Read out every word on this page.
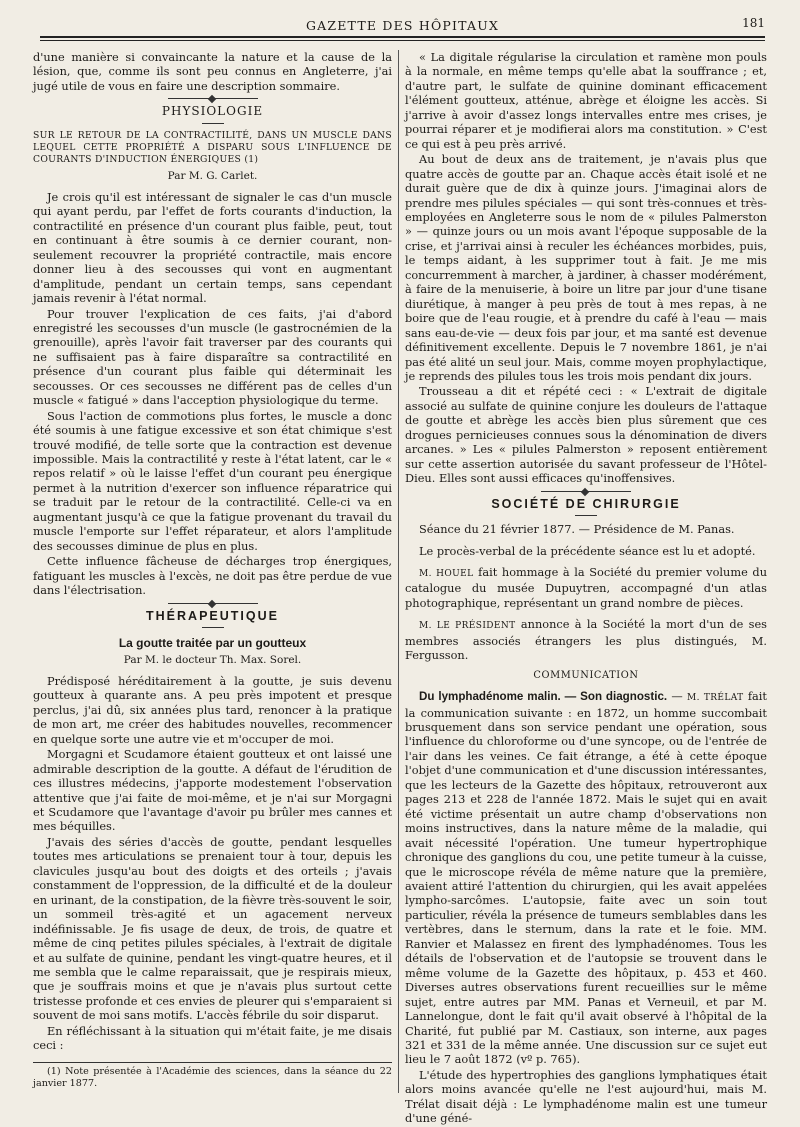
GAZETTE DES HÔPITAUX	181

d'une manière si convaincante la nature et la cause de la lésion, que, comme ils sont peu connus en Angleterre, j'ai jugé utile de vous en faire une description sommaire.

PHYSIOLOGIE

SUR LE RETOUR DE LA CONTRACTILITÉ, DANS UN MUSCLE DANS LEQUEL CETTE PROPRIÉTÉ A DISPARU SOUS L'INFLUENCE DE COURANTS D'INDUCTION ÉNERGIQUES (1)

Par M. G. Carlet.

Je crois qu'il est intéressant de signaler le cas d'un muscle qui ayant perdu, par l'effet de forts courants d'induction, la contractilité en présence d'un courant plus faible, peut, tout en continuant à être soumis à ce dernier courant, non-seulement recouvrer la propriété contractile, mais encore donner lieu à des secousses qui vont en augmentant d'amplitude, pendant un certain temps, sans cependant jamais revenir à l'état normal.

Pour trouver l'explication de ces faits, j'ai d'abord enregistré les secousses d'un muscle (le gastrocnémien de la grenouille), après l'avoir fait traverser par des courants qui ne suffisaient pas à faire disparaître sa contractilité en présence d'un courant plus faible qui déterminait les secousses. Or ces secousses ne différent pas de celles d'un muscle « fatigué » dans l'acception physiologique du terme.

Sous l'action de commotions plus fortes, le muscle a donc été soumis à une fatigue excessive et son état chimique s'est trouvé modifié, de telle sorte que la contraction est devenue impossible. Mais la contractilité y reste à l'état latent, car le « repos relatif » où le laisse l'effet d'un courant peu énergique permet à la nutrition d'exercer son influence réparatrice qui se traduit par le retour de la contractilité. Celle-ci va en augmentant jusqu'à ce que la fatigue provenant du travail du muscle l'emporte sur l'effet réparateur, et alors l'amplitude des secousses diminue de plus en plus.

Cette influence fâcheuse de décharges trop énergiques, fatiguant les muscles à l'excès, ne doit pas être perdue de vue dans l'électrisation.

THÉRAPEUTIQUE

La goutte traitée par un goutteux

Par M. le docteur Th. Max. Sorel.

Prédisposé héréditairement à la goutte, je suis devenu goutteux à quarante ans. A peu près impotent et presque perclus, j'ai dû, six années plus tard, renoncer à la pratique de mon art, me créer des habitudes nouvelles, recommencer en quelque sorte une autre vie et m'occuper de moi.

Morgagni et Scudamore étaient goutteux et ont laissé une admirable description de la goutte. A défaut de l'érudition de ces illustres médecins, j'apporte modestement l'observation attentive que j'ai faite de moi-même, et je n'ai sur Morgagni et Scudamore que l'avantage d'avoir pu brûler mes cannes et mes béquilles.

J'avais des séries d'accès de goutte, pendant lesquelles toutes mes articulations se prenaient tour à tour, depuis les clavicules jusqu'au bout des doigts et des orteils ; j'avais constamment de l'oppression, de la difficulté et de la douleur en urinant, de la constipation, de la fièvre très-souvent le soir, un sommeil très-agité et un agacement nerveux indéfinissable. Je fis usage de deux, de trois, de quatre et même de cinq petites pilules spéciales, à l'extrait de digitale et au sulfate de quinine, pendant les vingt-quatre heures, et il me sembla que le calme reparaissait, que je respirais mieux, que je souffrais moins et que je n'avais plus surtout cette tristesse profonde et ces envies de pleurer qui s'emparaient si souvent de moi sans motifs. L'accès fébrile du soir disparut.

En réfléchissant à la situation qui m'était faite, je me disais ceci :

(1) Note présentée à l'Académie des sciences, dans la séance du 22 janvier 1877.

« La digitale régularise la circulation et ramène mon pouls à la normale, en même temps qu'elle abat la souffrance ; et, d'autre part, le sulfate de quinine dominant efficacement l'élément goutteux, atténue, abrège et éloigne les accès. Si j'arrive à avoir d'assez longs intervalles entre mes crises, je pourrai réparer et je modifierai alors ma constitution. » C'est ce qui est à peu près arrivé.

Au bout de deux ans de traitement, je n'avais plus que quatre accès de goutte par an. Chaque accès était isolé et ne durait guère que de dix à quinze jours. J'imaginai alors de prendre mes pilules spéciales — qui sont très-connues et très-employées en Angleterre sous le nom de « pilules Palmerston » — quinze jours ou un mois avant l'époque supposable de la crise, et j'arrivai ainsi à reculer les échéances morbides, puis, le temps aidant, à les supprimer tout à fait. Je me mis concurremment à marcher, à jardiner, à chasser modérément, à faire de la menuiserie, à boire un litre par jour d'une tisane diurétique, à manger à peu près de tout à mes repas, à ne boire que de l'eau rougie, et à prendre du café à l'eau — mais sans eau-de-vie — deux fois par jour, et ma santé est devenue définitivement excellente. Depuis le 7 novembre 1861, je n'ai pas été alité un seul jour. Mais, comme moyen prophylactique, je reprends des pilules tous les trois mois pendant dix jours.

Trousseau a dit et répété ceci : « L'extrait de digitale associé au sulfate de quinine conjure les douleurs de l'attaque de goutte et abrège les accès bien plus sûrement que ces drogues pernicieuses connues sous la dénomination de divers arcanes. » Les « pilules Palmerston » reposent entièrement sur cette assertion autorisée du savant professeur de l'Hôtel-Dieu. Elles sont aussi efficaces qu'inoffensives.

SOCIÉTÉ DE CHIRURGIE

Séance du 21 février 1877. — Présidence de M. Panas.

Le procès-verbal de la précédente séance est lu et adopté.

M. HOUEL fait hommage à la Société du premier volume du catalogue du musée Dupuytren, accompagné d'un atlas photographique, représentant un grand nombre de pièces.

M. LE PRÉSIDENT annonce à la Société la mort d'un de ses membres associés étrangers les plus distingués, M. Fergusson.

COMMUNICATION

Du lymphadénome malin. — Son diagnostic. — M. TRÉLAT fait la communication suivante : en 1872, un homme succombait brusquement dans son service pendant une opération, sous l'influence du chloroforme ou d'une syncope, ou de l'entrée de l'air dans les veines. Ce fait étrange, a été à cette époque l'objet d'une communication et d'une discussion intéressantes, que les lecteurs de la Gazette des hôpitaux, retrouveront aux pages 213 et 228 de l'année 1872. Mais le sujet qui en avait été victime présentait un autre champ d'observations non moins instructives, dans la nature même de la maladie, qui avait nécessité l'opération. Une tumeur hypertrophique chronique des ganglions du cou, une petite tumeur à la cuisse, que le microscope révéla de même nature que la première, avaient attiré l'attention du chirurgien, qui les avait appelées lympho-sarcômes. L'autopsie, faite avec un soin tout particulier, révéla la présence de tumeurs semblables dans les vertèbres, dans le sternum, dans la rate et le foie. MM. Ranvier et Malassez en firent des lymphadénomes. Tous les détails de l'observation et de l'autopsie se trouvent dans le même volume de la Gazette des hôpitaux, p. 453 et 460. Diverses autres observations furent recueillies sur le même sujet, entre autres par MM. Panas et Verneuil, et par M. Lannelongue, dont le fait qu'il avait observé à l'hôpital de la Charité, fut publié par M. Castiaux, son interne, aux pages 321 et 331 de la même année. Une discussion sur ce sujet eut lieu le 7 août 1872 (vº p. 765).

L'étude des hypertrophies des ganglions lymphatiques était alors moins avancée qu'elle ne l'est aujourd'hui, mais M. Trélat disait déjà : Le lymphadénome malin est une tumeur d'une géné-
